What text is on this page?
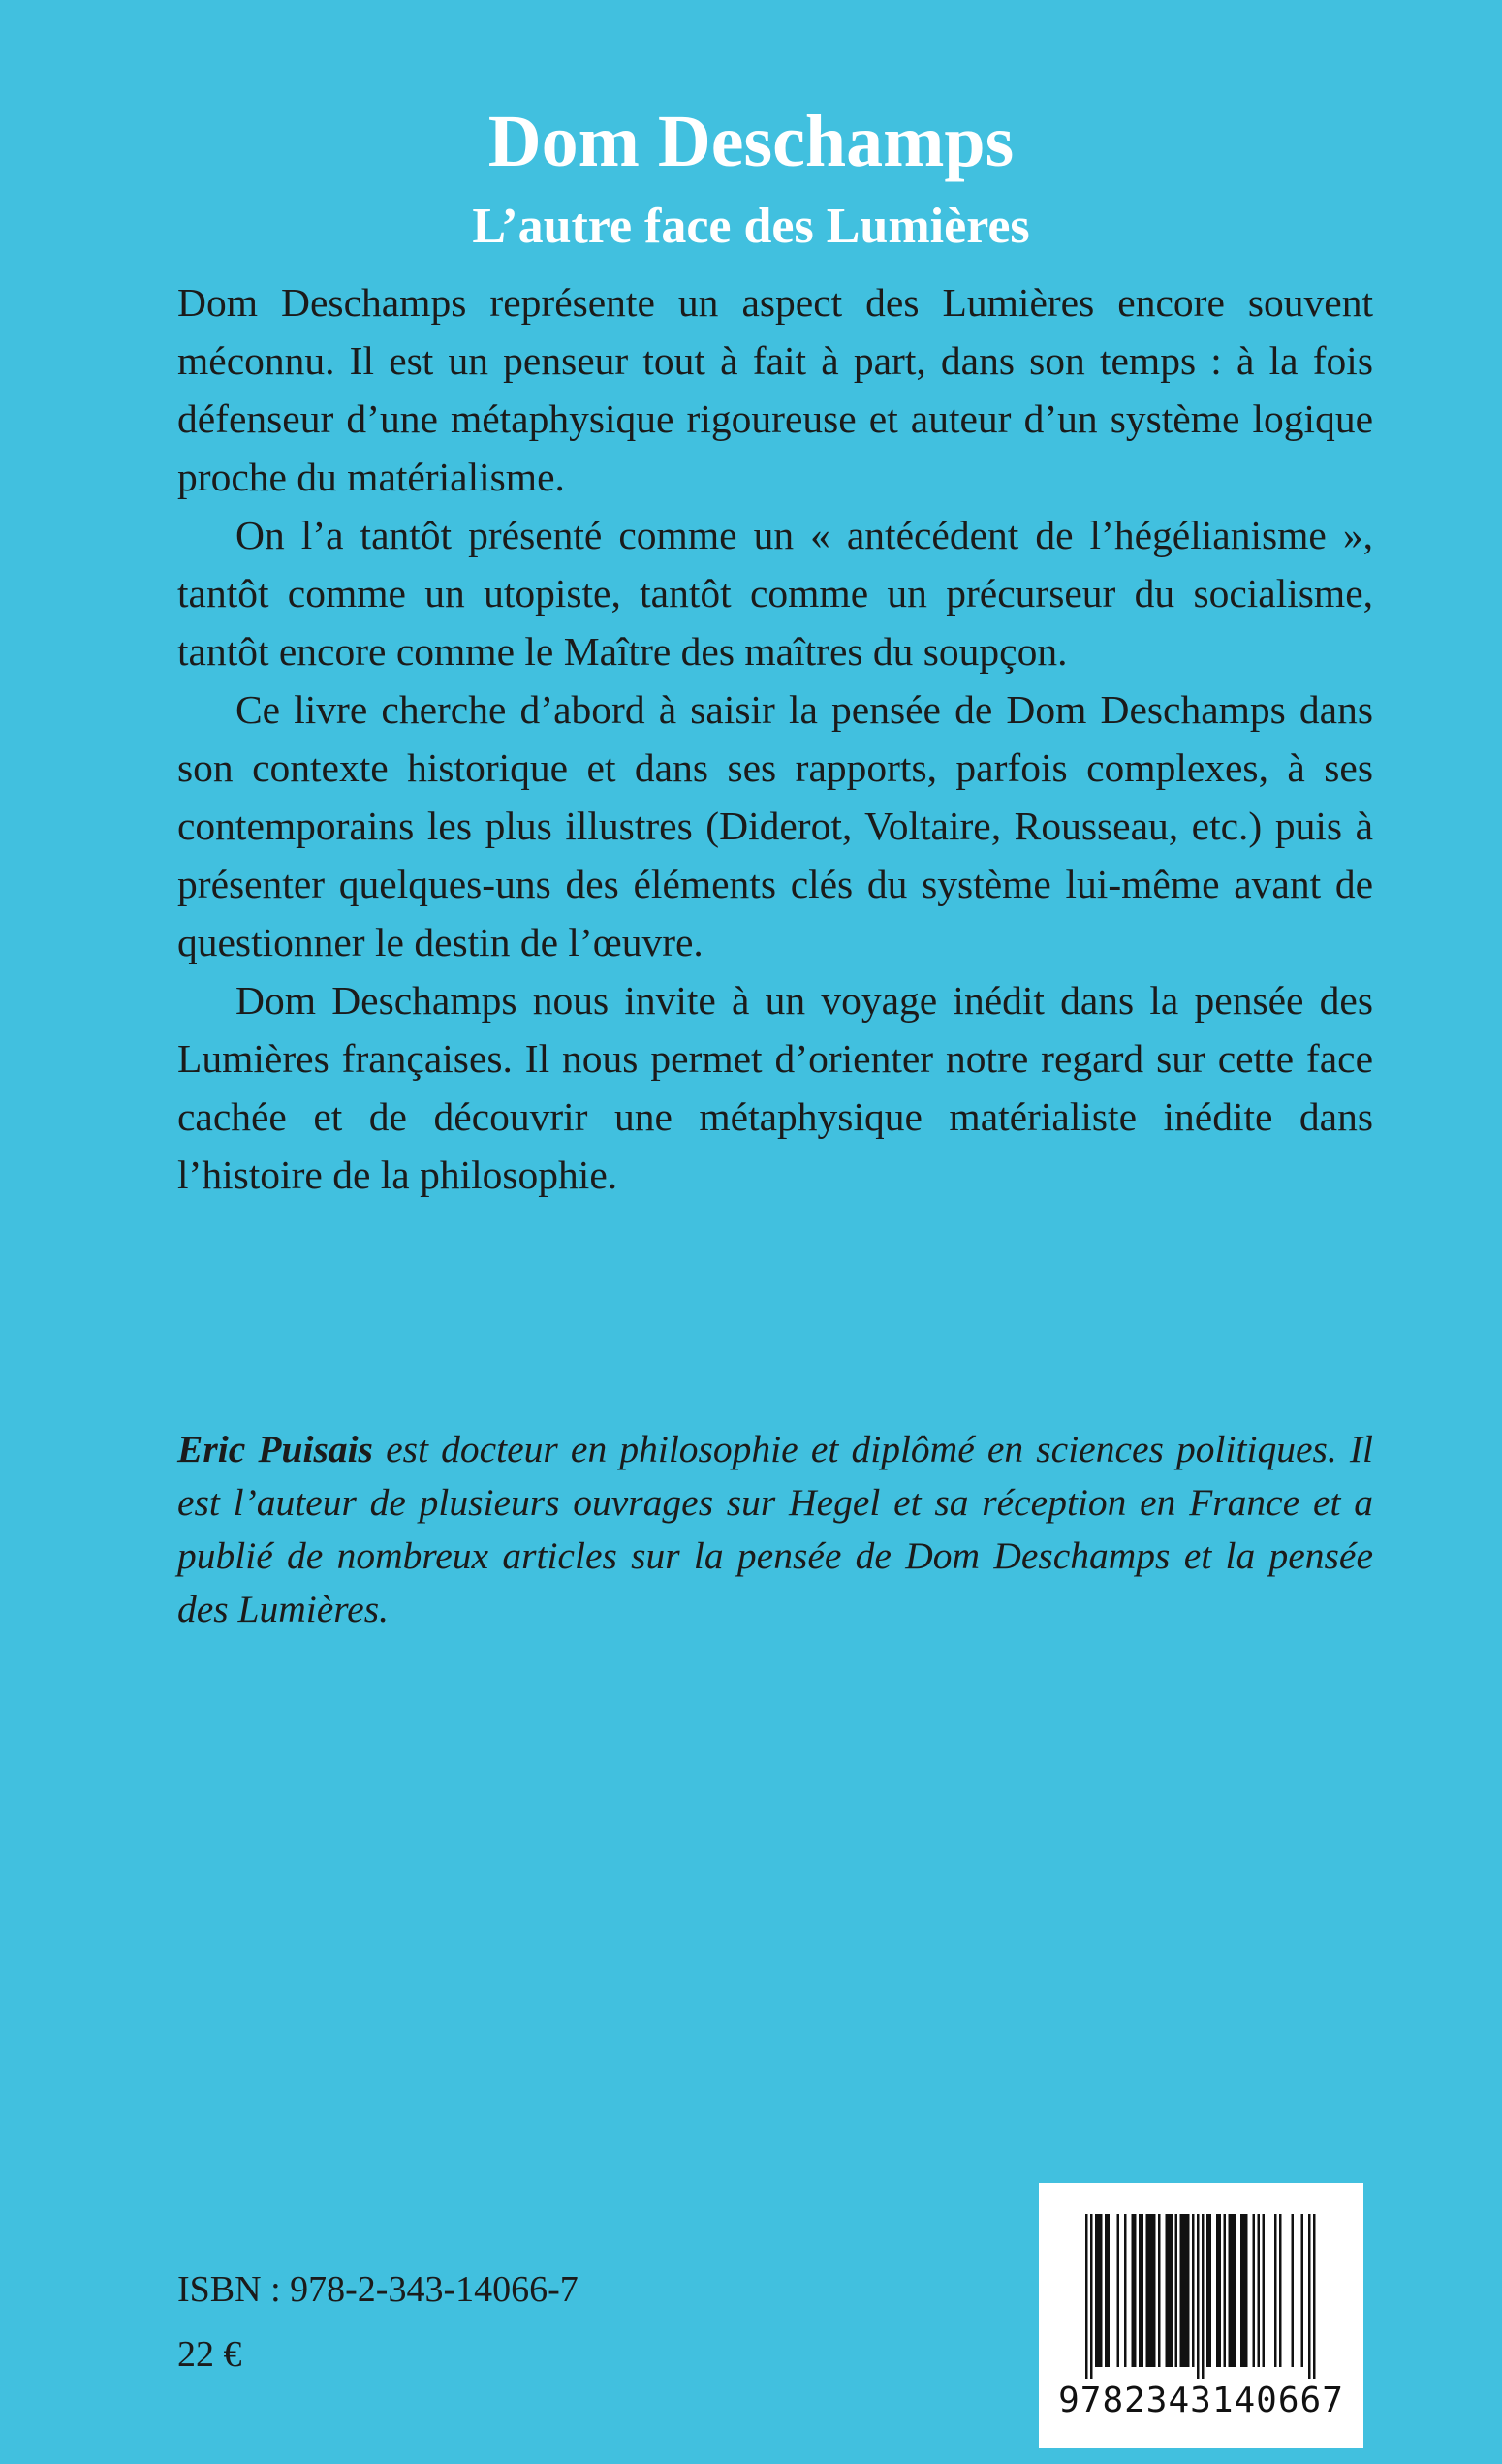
Dom Deschamps
L’autre face des Lumières

Dom Deschamps représente un aspect des Lumières encore souvent méconnu. Il est un penseur tout à fait à part, dans son temps : à la fois défenseur d’une métaphysique rigoureuse et auteur d’un système logique proche du matérialisme.

On l’a tantôt présenté comme un « antécédent de l’hégélianisme », tantôt comme un utopiste, tantôt comme un précurseur du socialisme, tantôt encore comme le Maître des maîtres du soupçon.

Ce livre cherche d’abord à saisir la pensée de Dom Deschamps dans son contexte historique et dans ses rapports, parfois complexes, à ses contemporains les plus illustres (Diderot, Voltaire, Rousseau, etc.) puis à présenter quelques-uns des éléments clés du système lui-même avant de questionner le destin de l’œuvre.

Dom Deschamps nous invite à un voyage inédit dans la pensée des Lumières françaises. Il nous permet d’orienter notre regard sur cette face cachée et de découvrir une métaphysique matérialiste inédite dans l’histoire de la philosophie.

Eric Puisais est docteur en philosophie et diplômé en sciences politiques. Il est l’auteur de plusieurs ouvrages sur Hegel et sa réception en France et a publié de nombreux articles sur la pensée de Dom Deschamps et la pensée des Lumières.

ISBN : 978-2-343-14066-7

22 €

9782343140667
